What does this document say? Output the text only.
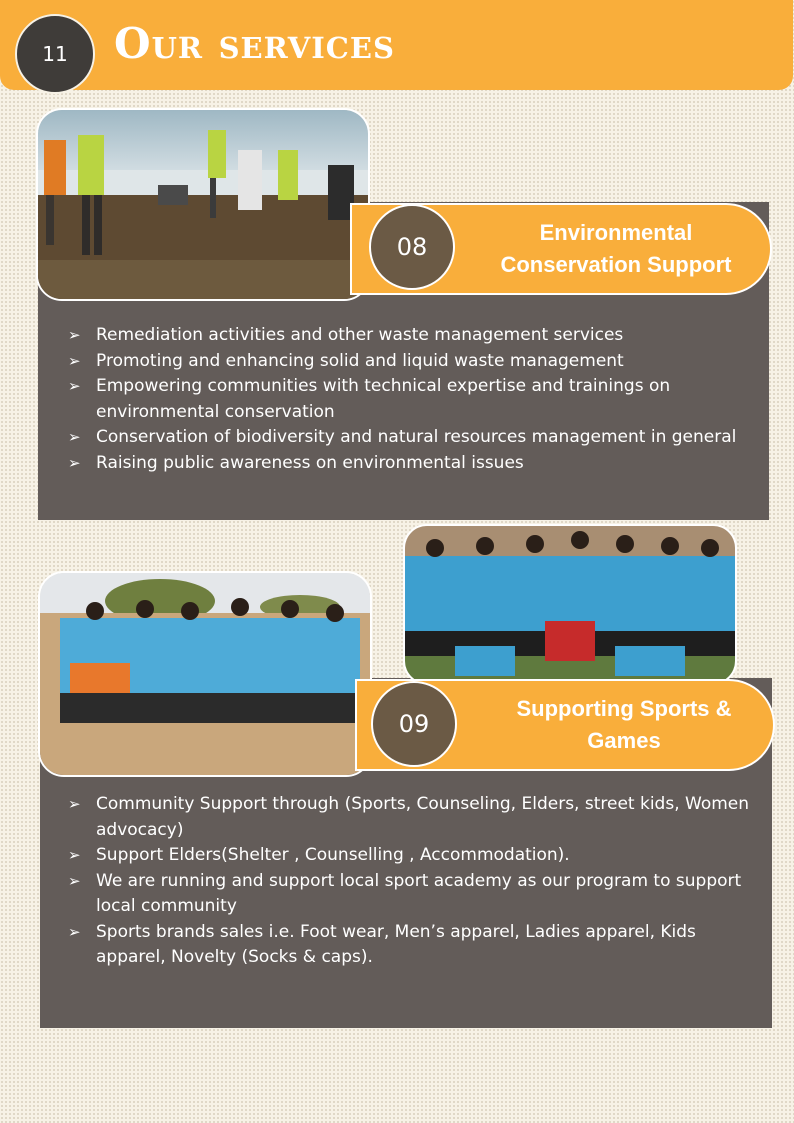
11	Our services
Environmental Conservation Support
08
➢ Remediation activities and other waste management services
➢ Promoting and enhancing solid and liquid waste management
➢ Empowering communities with technical expertise and trainings on environmental conservation
➢ Conservation of biodiversity and natural resources management in general
➢ Raising public awareness on environmental issues
Supporting Sports & Games
09
➢ Community Support through (Sports, Counseling, Elders, street kids, Women advocacy)
➢ Support Elders(Shelter , Counselling , Accommodation).
➢ We are running and support local sport academy as our program to support local community
➢ Sports brands sales i.e. Foot wear, Men’s apparel, Ladies apparel, Kids apparel, Novelty (Socks & caps).
